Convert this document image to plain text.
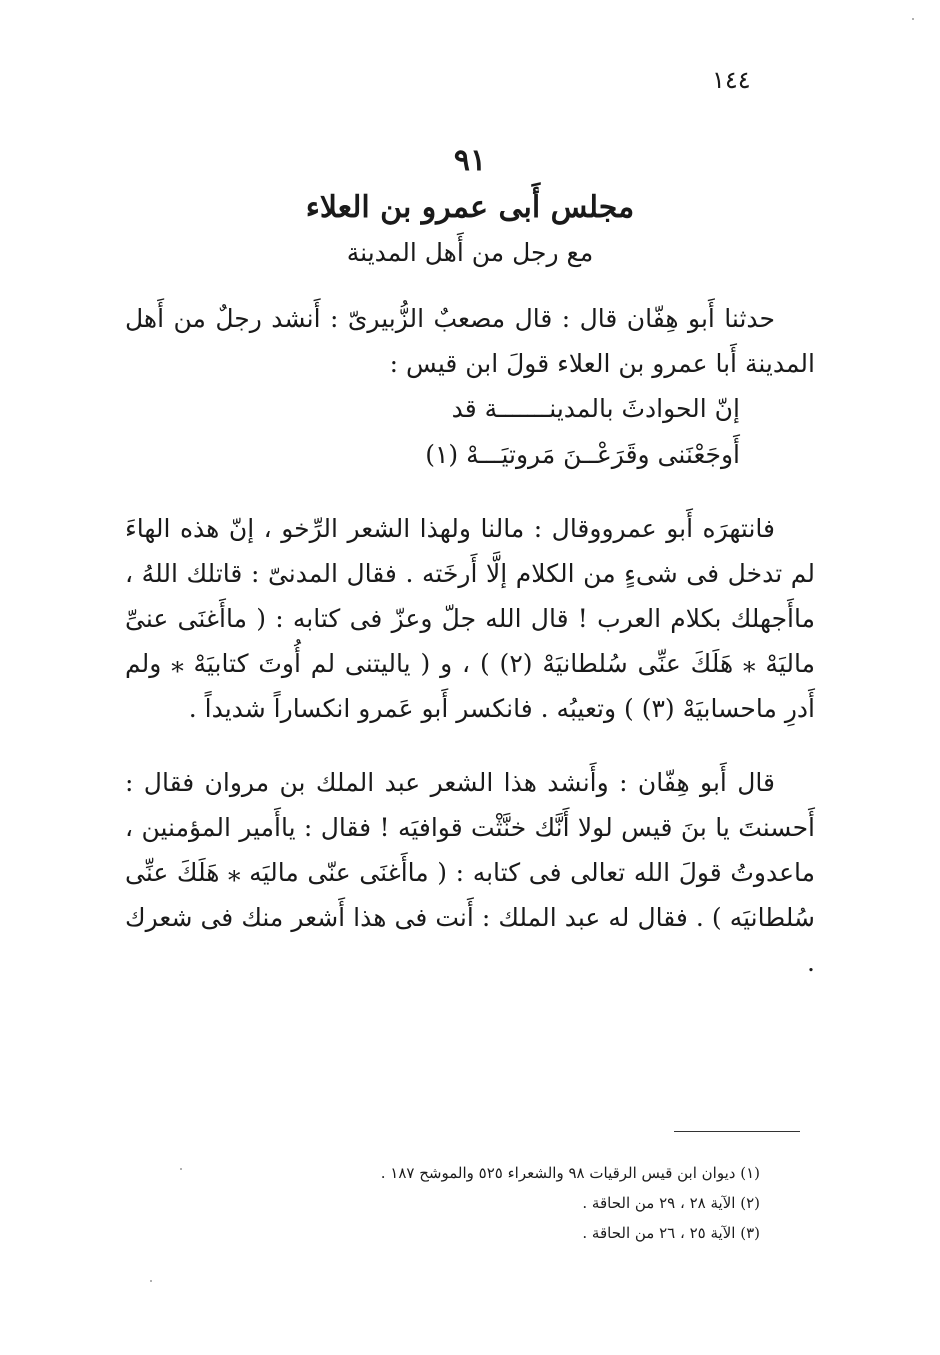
١٤٤
٩١
مجلس أَبى عمرو بن العلاء
مع رجل من أَهل المدينة
حدثنا أَبو هِفّان قال : قال مصعبٌ الزُّبيرىّ : أَنشد رجلٌ من أَهل المدينة أَبا عمرو بن العلاء قولَ ابن قيس :
إنّ الحوادثَ بالمدينـــــــة قد
أَوجَعْنَنى وقَرَعْــنَ مَروتيَـــهْ (١)
فانتهرَه أَبو عمرووقال : مالنا ولهذا الشعر الرِّخو ، إنّ هذه الهاءَ لم تدخل فى شىءٍ من الكلام إلَّا أَرخَته . فقال المدنىّ : قاتلك اللهُ ، ماأَجهلك بكلام العرب ! قال الله جلّ وعزّ فى كتابه : ( ماأَغنَى عنىِّ ماليَهْ ⁎ هَلَكَ عنِّى سُلطانيَهْ (٢) ) ، و ( ياليتنى لم أُوتَ كتابيَهْ ⁎ ولم أَدرِ ماحسابيَهْ (٣) ) وتعيبُه . فانكسر أَبو عَمرو انكساراً شديداً .
قال أَبو هِفّان : وأَنشد هذا الشعر عبد الملك بن مروان فقال : أَحسنتَ يا بنَ قيس لولا أَنَّك خنَّثْت قوافيَه ! فقال : ياأَمير المؤمنين ، ماعدوتُ قولَ الله تعالى فى كتابه : ( ماأَغنَى عنّى ماليَه ⁎ هَلَكَ عنِّى سُلطانيَه ) . فقال له عبد الملك : أَنت فى هذا أَشعر منك فى شعرك .
(١) ديوان ابن قيس الرقيات ٩٨ والشعراء ٥٢٥ والموشح ١٨٧ .
(٢) الآية ٢٨ ، ٢٩ من الحاقة .
(٣) الآية ٢٥ ، ٢٦ من الحاقة .
